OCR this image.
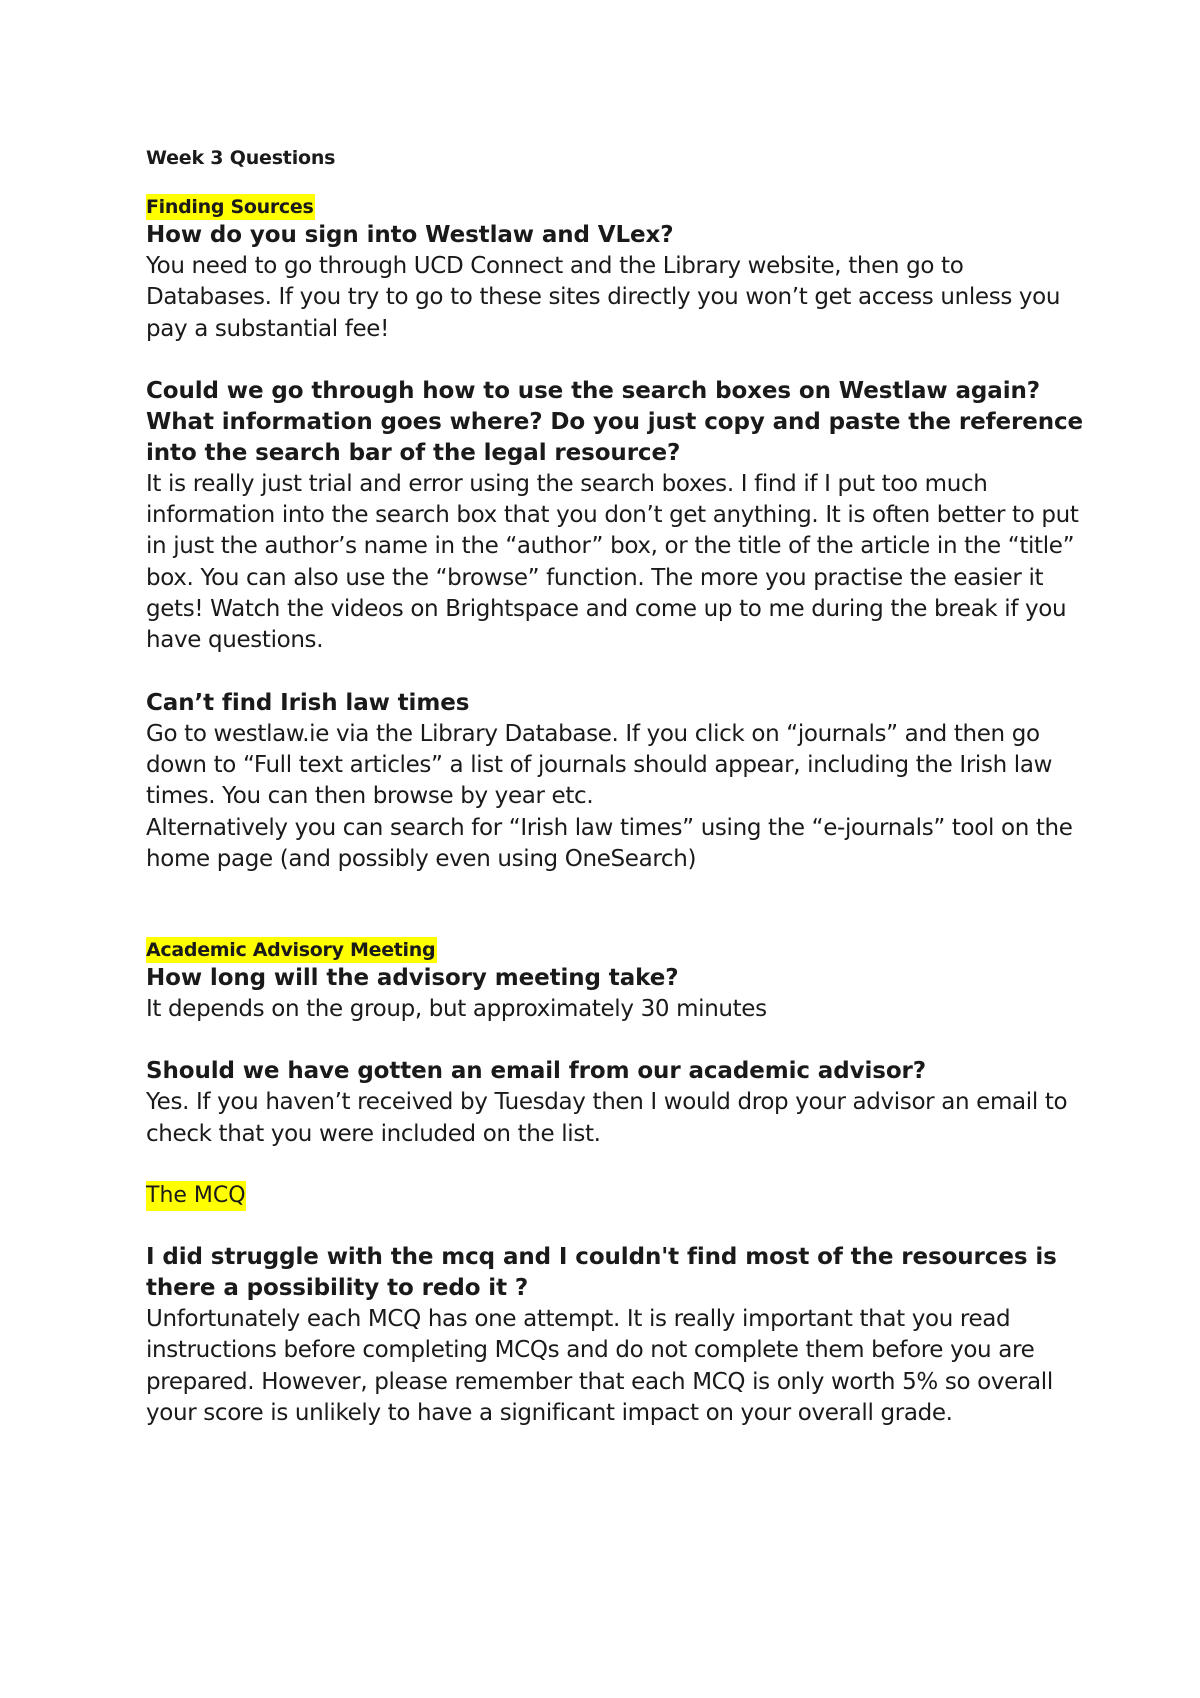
Week 3 Questions
Finding Sources

How do you sign into Westlaw and VLex?

You need to go through UCD Connect and the Library website, then go to Databases. If you try to go to these sites directly you won’t get access unless you pay a substantial fee!

Could we go through how to use the search boxes on Westlaw again? What information goes where? Do you just copy and paste the reference into the search bar of the legal resource?

It is really just trial and error using the search boxes. I find if I put too much information into the search box that you don’t get anything. It is often better to put in just the author’s name in the “author” box, or the title of the article in the “title” box. You can also use the “browse” function. The more you practise the easier it gets! Watch the videos on Brightspace and come up to me during the break if you have questions.

Can’t find Irish law times

Go to westlaw.ie via the Library Database. If you click on “journals” and then go down to “Full text articles” a list of journals should appear, including the Irish law times. You can then browse by year etc.

Alternatively you can search for “Irish law times” using the “e-journals” tool on the home page (and possibly even using OneSearch)

Academic Advisory Meeting

How long will the advisory meeting take?

It depends on the group, but approximately 30 minutes

Should we have gotten an email from our academic advisor?

Yes. If you haven’t received by Tuesday then I would drop your advisor an email to check that you were included on the list.

The MCQ

I did struggle with the mcq and I couldn't find most of the resources is there a possibility to redo it ?

Unfortunately each MCQ has one attempt. It is really important that you read instructions before completing MCQs and do not complete them before you are prepared. However, please remember that each MCQ is only worth 5% so overall your score is unlikely to have a significant impact on your overall grade.
